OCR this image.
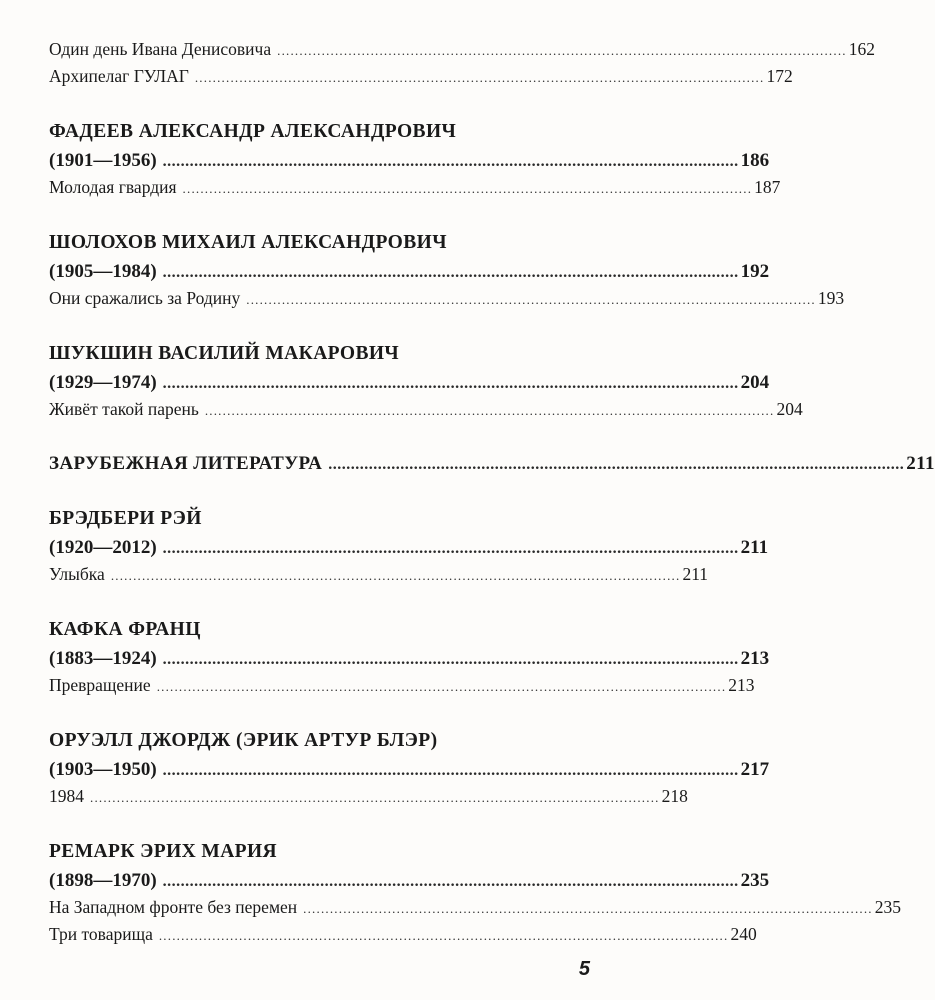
Один день Ивана Денисовича ................................................................................................................................ 162
Архипелаг ГУЛАГ ................................................................................................................................ 172
ФАДЕЕВ АЛЕКСАНДР АЛЕКСАНДРОВИЧ
(1901—1956) ................................................................................................................................ 186
Молодая гвардия ................................................................................................................................ 187
ШОЛОХОВ МИХАИЛ АЛЕКСАНДРОВИЧ
(1905—1984) ................................................................................................................................ 192
Они сражались за Родину ................................................................................................................................ 193
ШУКШИН ВАСИЛИЙ МАКАРОВИЧ
(1929—1974) ................................................................................................................................ 204
Живёт такой парень ................................................................................................................................ 204
ЗАРУБЕЖНАЯ ЛИТЕРАТУРА ................................................................................................................................ 211
БРЭДБЕРИ РЭЙ
(1920—2012) ................................................................................................................................ 211
Улыбка ................................................................................................................................ 211
КАФКА ФРАНЦ
(1883—1924) ................................................................................................................................ 213
Превращение ................................................................................................................................ 213
ОРУЭЛЛ ДЖОРДЖ (ЭРИК АРТУР БЛЭР)
(1903—1950) ................................................................................................................................ 217
1984 ................................................................................................................................ 218
РЕМАРК ЭРИХ МАРИЯ
(1898—1970) ................................................................................................................................ 235
На Западном фронте без перемен ................................................................................................................................ 235
Три товарища ................................................................................................................................ 240
5
